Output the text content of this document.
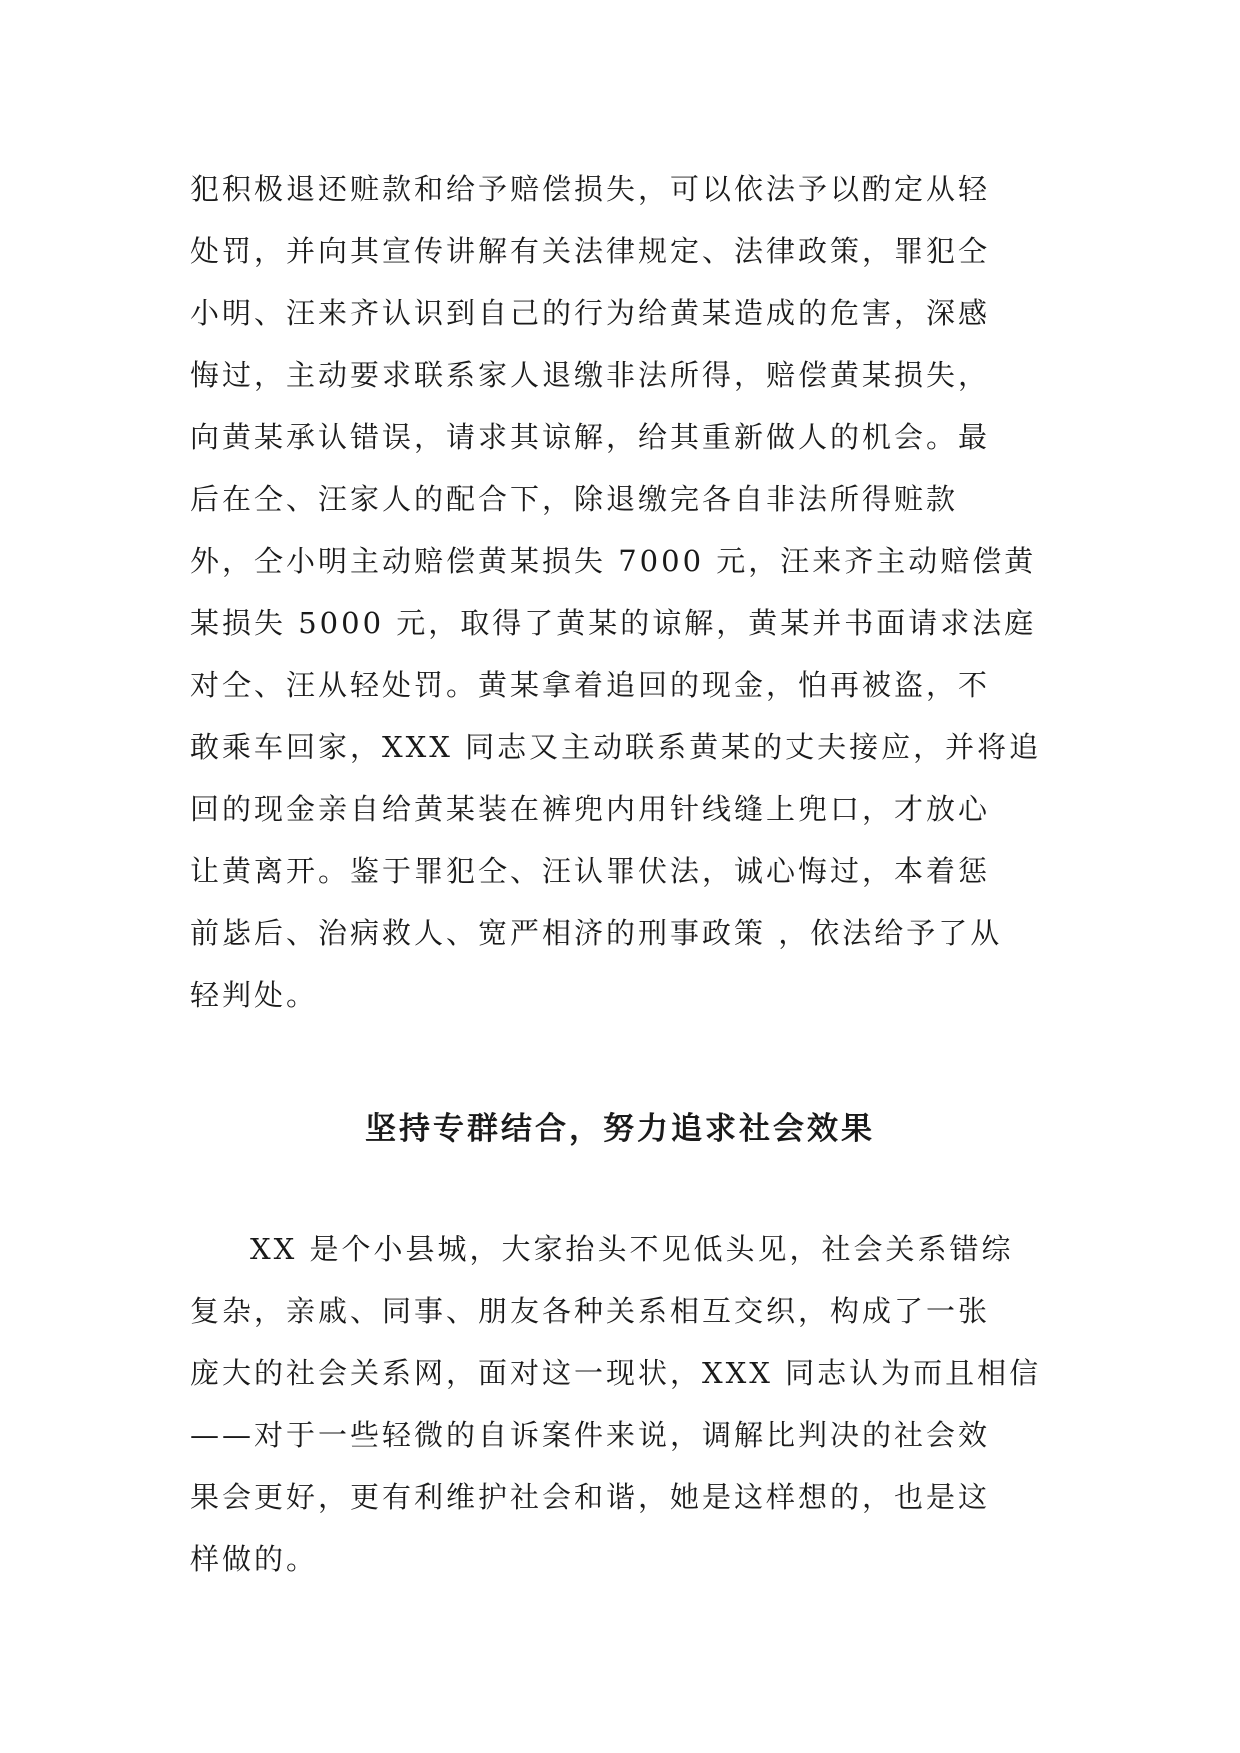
犯积极退还赃款和给予赔偿损失，可以依法予以酌定从轻
处罚，并向其宣传讲解有关法律规定、法律政策，罪犯仝
小明、汪来齐认识到自己的行为给黄某造成的危害，深感
悔过，主动要求联系家人退缴非法所得，赔偿黄某损失，
向黄某承认错误，请求其谅解，给其重新做人的机会。最
后在仝、汪家人的配合下，除退缴完各自非法所得赃款
外，仝小明主动赔偿黄某损失 7000 元，汪来齐主动赔偿黄
某损失 5000 元，取得了黄某的谅解，黄某并书面请求法庭
对仝、汪从轻处罚。黄某拿着追回的现金，怕再被盗，不
敢乘车回家，XXX 同志又主动联系黄某的丈夫接应，并将追
回的现金亲自给黄某装在裤兜内用针线缝上兜口，才放心
让黄离开。鉴于罪犯仝、汪认罪伏法，诚心悔过，本着惩
前毖后、治病救人、宽严相济的刑事政策 ，依法给予了从
轻判处。
坚持专群结合，努力追求社会效果
XX 是个小县城，大家抬头不见低头见，社会关系错综
复杂，亲戚、同事、朋友各种关系相互交织，构成了一张
庞大的社会关系网，面对这一现状，XXX 同志认为而且相信
——对于一些轻微的自诉案件来说，调解比判决的社会效
果会更好，更有利维护社会和谐，她是这样想的，也是这
样做的。
